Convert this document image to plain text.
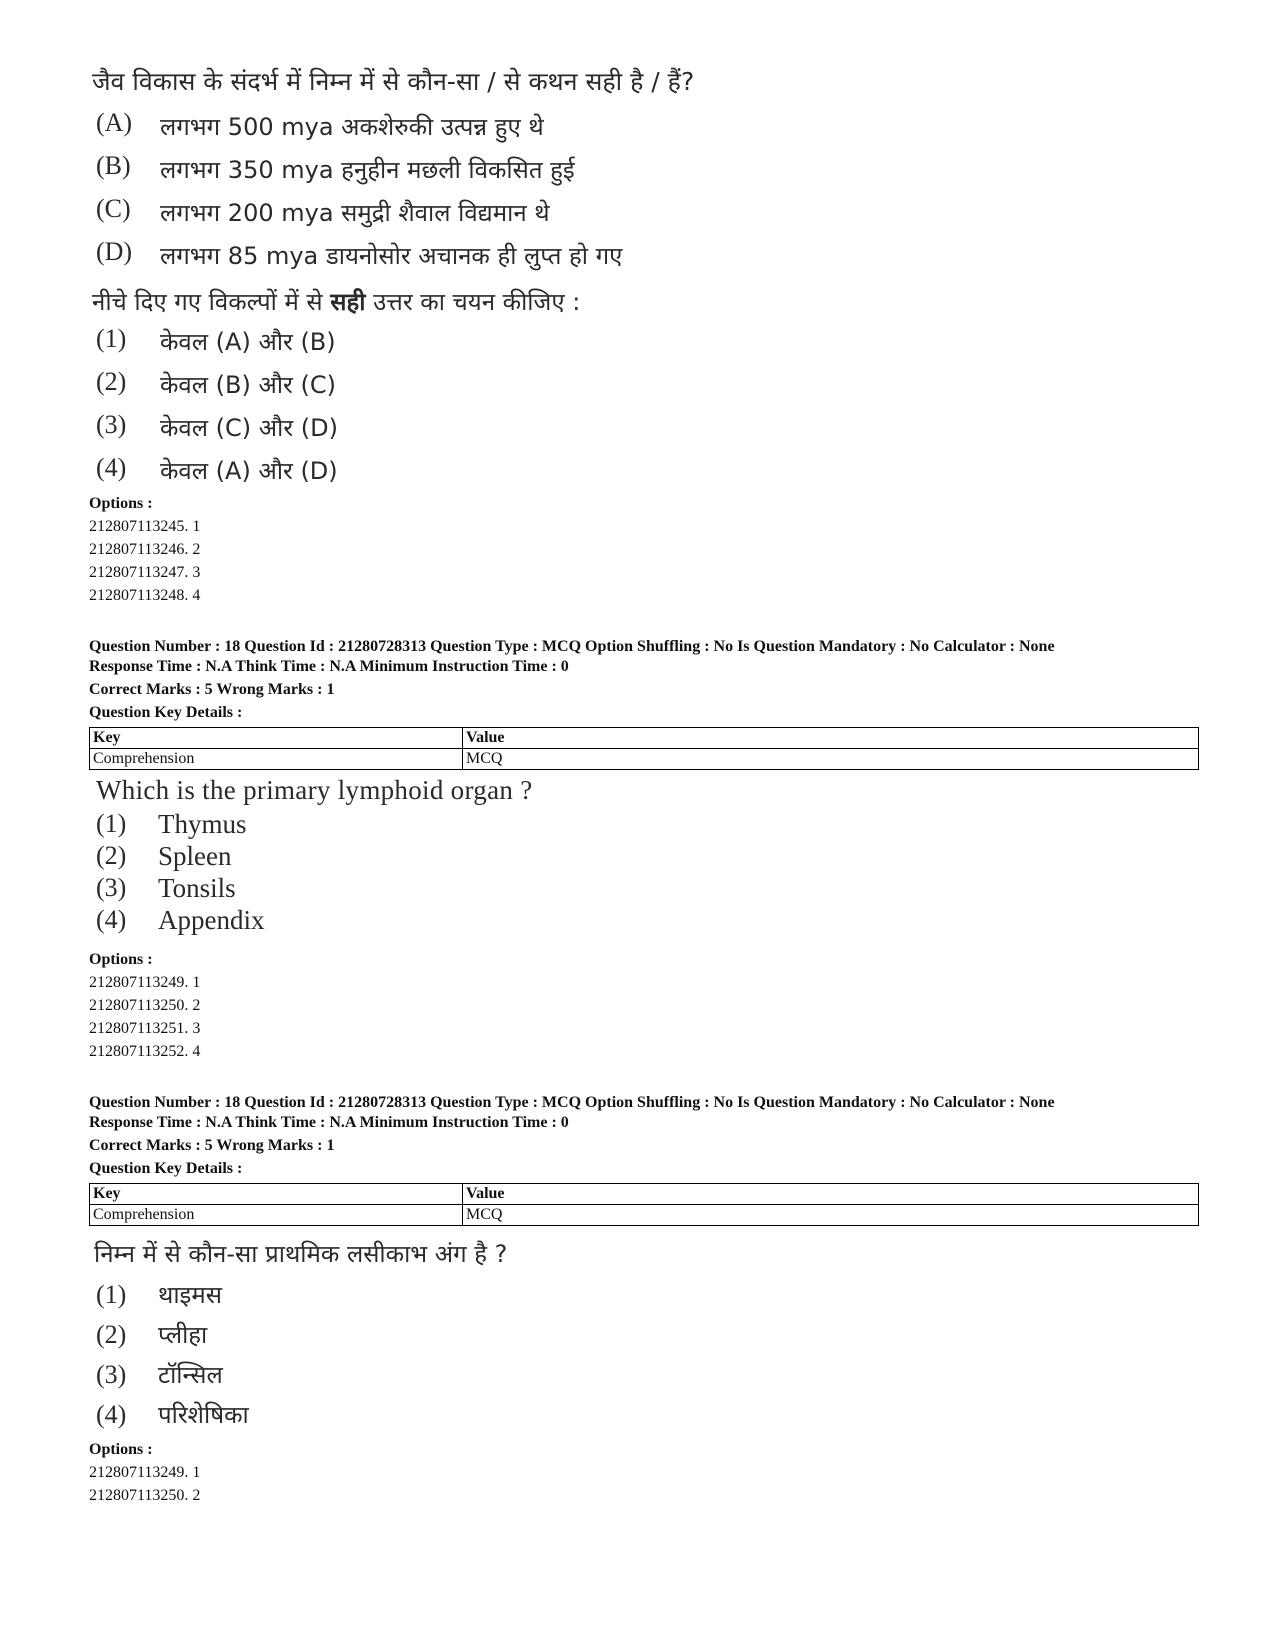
जैव विकास के संदर्भ में निम्न में से कौन-सा / से कथन सही है / हैं?
(A) लगभग 500 mya अकशेरुकी उत्पन्न हुए थे
(B) लगभग 350 mya हनुहीन मछली विकसित हुई
(C) लगभग 200 mya समुद्री शैवाल विद्यमान थे
(D) लगभग 85 mya डायनोसोर अचानक ही लुप्त हो गए
नीचे दिए गए विकल्पों में से सही उत्तर का चयन कीजिए :
(1) केवल (A) और (B)
(2) केवल (B) और (C)
(3) केवल (C) और (D)
(4) केवल (A) और (D)
Options :
212807113245. 1
212807113246. 2
212807113247. 3
212807113248. 4
Question Number : 18 Question Id : 21280728313 Question Type : MCQ Option Shuffling : No Is Question Mandatory : No Calculator : None
Response Time : N.A Think Time : N.A Minimum Instruction Time : 0
Correct Marks : 5 Wrong Marks : 1
Question Key Details :
Key	Value
Comprehension	MCQ
Which is the primary lymphoid organ ?
(1) Thymus
(2) Spleen
(3) Tonsils
(4) Appendix
Options :
212807113249. 1
212807113250. 2
212807113251. 3
212807113252. 4
Question Number : 18 Question Id : 21280728313 Question Type : MCQ Option Shuffling : No Is Question Mandatory : No Calculator : None
Response Time : N.A Think Time : N.A Minimum Instruction Time : 0
Correct Marks : 5 Wrong Marks : 1
Question Key Details :
Key	Value
Comprehension	MCQ
निम्न में से कौन-सा प्राथमिक लसीकाभ अंग है ?
(1) थाइमस
(2) प्लीहा
(3) टॉन्सिल
(4) परिशेषिका
Options :
212807113249. 1
212807113250. 2
